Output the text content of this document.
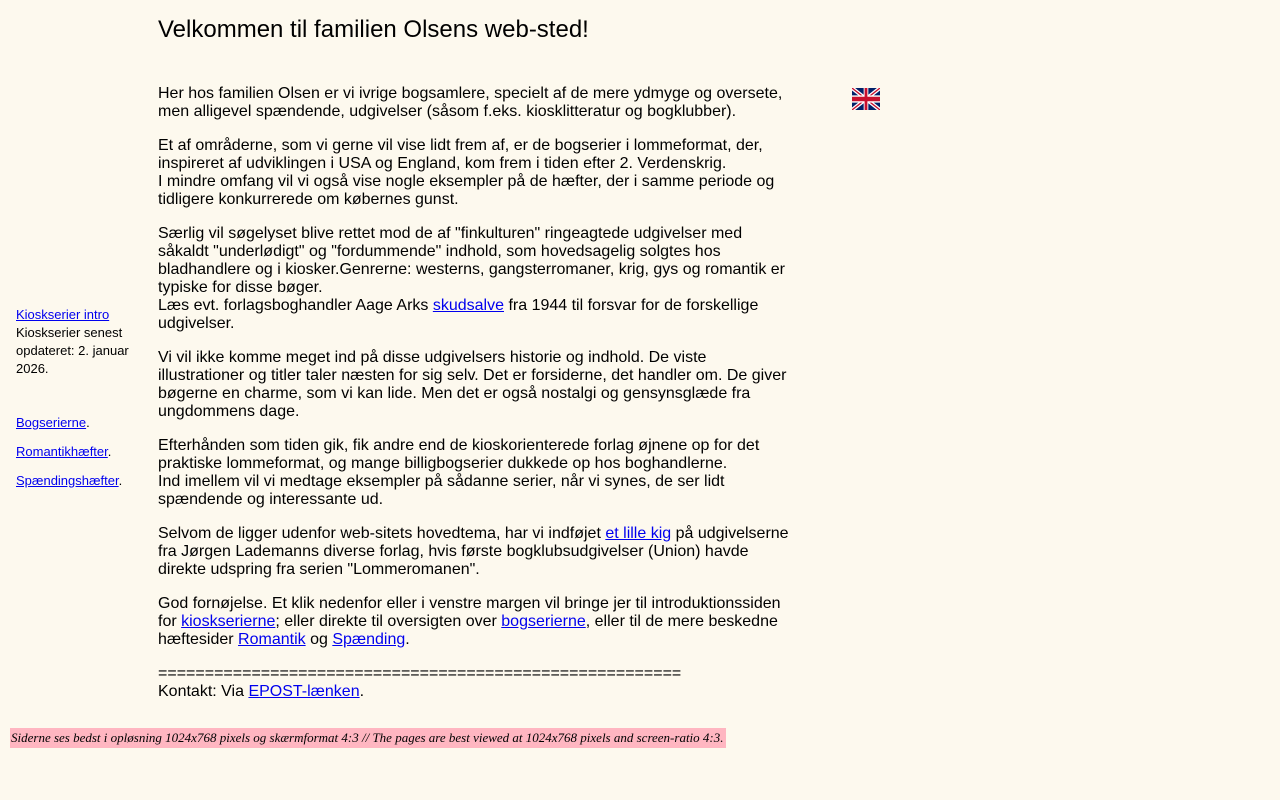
Velkommen til familien Olsens web-sted!

Kioskserier intro

Kioskserier senest opdateret: 2. januar 2026.

Bogserierne.

Romantikhæfter.

Spændingshæfter.

Her hos familien Olsen er vi ivrige bogsamlere, specielt af de mere ydmyge og oversete, men alligevel spændende, udgivelser (såsom f.eks. kiosklitteratur og bogklubber).

Et af områderne, som vi gerne vil vise lidt frem af, er de bogserier i lommeformat, der, inspireret af udviklingen i USA og England, kom frem i tiden efter 2. Verdenskrig.
I mindre omfang vil vi også vise nogle eksempler på de hæfter, der i samme periode og tidligere konkurrerede om købernes gunst.

Særlig vil søgelyset blive rettet mod de af "finkulturen" ringeagtede udgivelser med såkaldt "underlødigt" og "fordummende" indhold, som hovedsagelig solgtes hos bladhandlere og i kiosker.Genrerne: westerns, gangsterromaner, krig, gys og romantik er typiske for disse bøger.
Læs evt. forlagsboghandler Aage Arks skudsalve fra 1944 til forsvar for de forskellige udgivelser.

Vi vil ikke komme meget ind på disse udgivelsers historie og indhold. De viste illustrationer og titler taler næsten for sig selv. Det er forsiderne, det handler om. De giver bøgerne en charme, som vi kan lide. Men det er også nostalgi og gensynsglæde fra ungdommens dage.

Efterhånden som tiden gik, fik andre end de kioskorienterede forlag øjnene op for det praktiske lommeformat, og mange billigbogserier dukkede op hos boghandlerne.
Ind imellem vil vi medtage eksempler på sådanne serier, når vi synes, de ser lidt spændende og interessante ud.

Selvom de ligger udenfor web-sitets hovedtema, har vi indføjet et lille kig på udgivelserne fra Jørgen Lademanns diverse forlag, hvis første bogklubsudgivelser (Union) havde direkte udspring fra serien "Lommeromanen".

God fornøjelse. Et klik nedenfor eller i venstre margen vil bringe jer til introduktionssiden for kioskserierne; eller direkte til oversigten over bogserierne, eller til de mere beskedne hæftesider Romantik og Spænding.

========================================================
Kontakt: Via EPOST-lænken.

Siderne ses bedst i opløsning 1024x768 pixels og skærmformat 4:3 // The pages are best viewed at 1024x768 pixels and screen-ratio 4:3.
